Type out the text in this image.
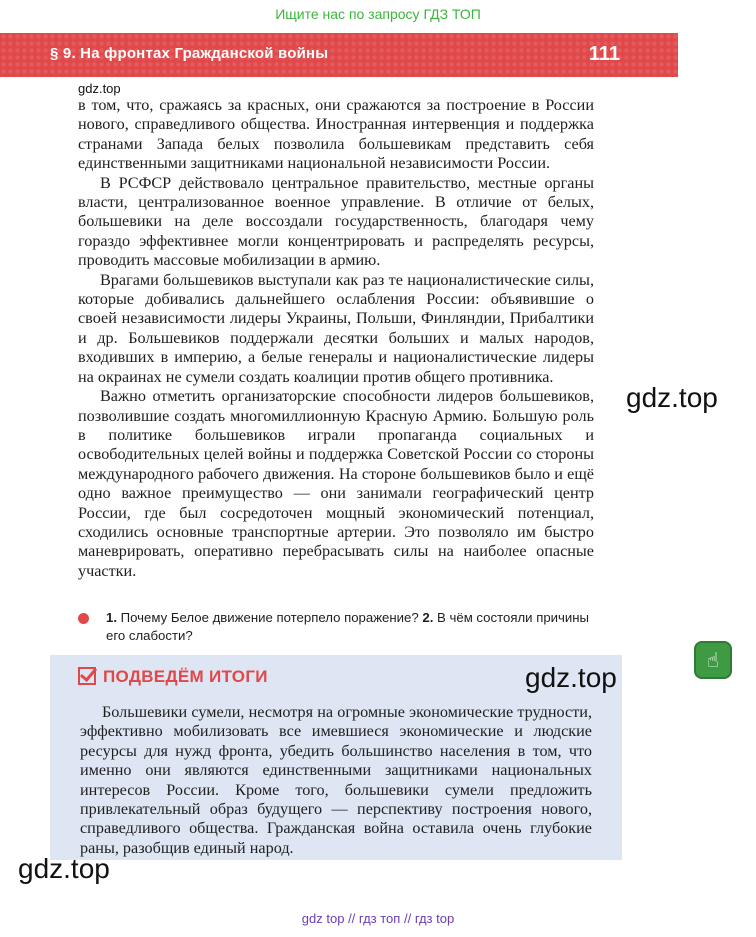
Ищите нас по запросу ГДЗ ТОП
§ 9. На фронтах Гражданской войны	111
gdz.top

в том, что, сражаясь за красных, они сражаются за построение в России нового, справедливого общества. Иностранная интервенция и поддержка странами Запада белых позволила большевикам представить себя единственными защитниками национальной независимости России.

В РСФСР действовало центральное правительство, местные органы власти, централизованное военное управление. В отличие от белых, большевики на деле воссоздали государственность, благодаря чему гораздо эффективнее могли концентрировать и распределять ресурсы, проводить массовые мобилизации в армию.

Врагами большевиков выступали как раз те националистические силы, которые добивались дальнейшего ослабления России: объявившие о своей независимости лидеры Украины, Польши, Финляндии, Прибалтики и др. Большевиков поддержали десятки больших и малых народов, входивших в империю, а белые генералы и националистические лидеры на окраинах не сумели создать коалиции против общего противника.

Важно отметить организаторские способности лидеров большевиков, позволившие создать многомиллионную Красную Армию. Большую роль в политике большевиков играли пропаганда социальных и освободительных целей войны и поддержка Советской России со стороны международного рабочего движения. На стороне большевиков было и ещё одно важное преимущество — они занимали географический центр России, где был сосредоточен мощный экономический потенциал, сходились основные транспортные артерии. Это позволяло им быстро маневрировать, оперативно перебрасывать силы на наиболее опасные участки.

gdz.top
1. Почему Белое движение потерпело поражение? 2. В чём состояли причины его слабости?
ПОДВЕДЁМ ИТОГИ

Большевики сумели, несмотря на огромные экономические трудности, эффективно мобилизовать все имевшиеся экономические и людские ресурсы для нужд фронта, убедить большинство населения в том, что именно они являются единственными защитниками национальных интересов России. Кроме того, большевики сумели предложить привлекательный образ будущего — перспективу построения нового, справедливого общества. Гражданская война оставила очень глубокие раны, разобщив единый народ.

gdz.top
gdz.top
☝
gdz top // гдз топ // гдз top
